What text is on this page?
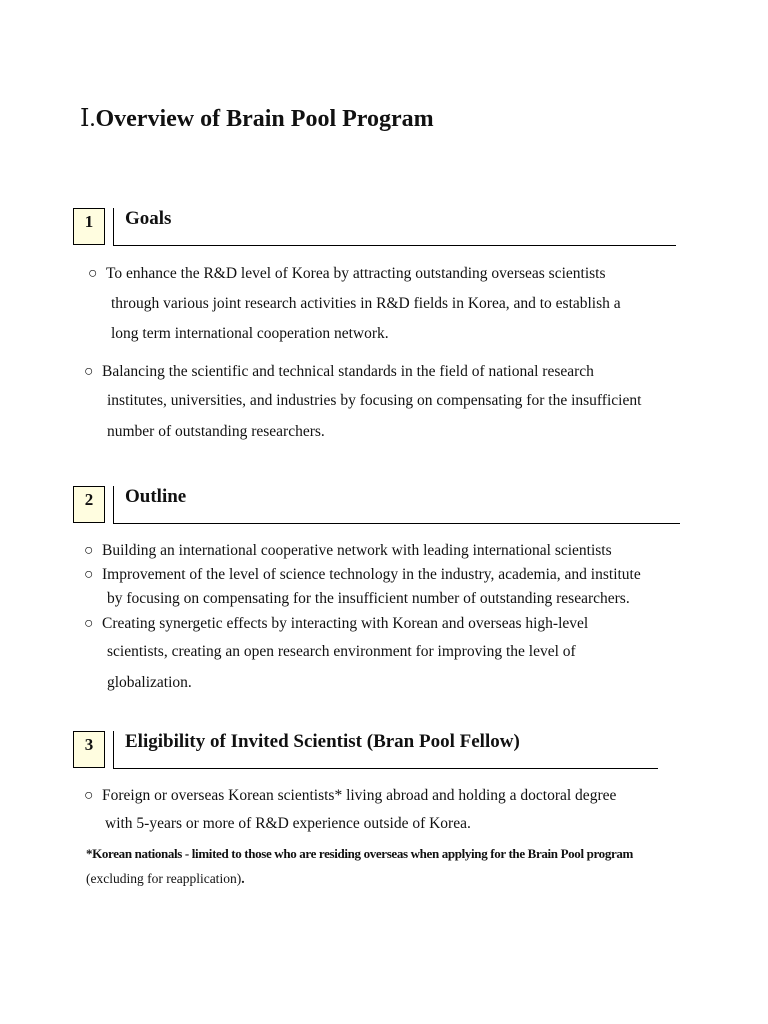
Ⅰ.Overview of Brain Pool Program
1	Goals
○ To enhance the R&D level of Korea by attracting outstanding overseas scientists
through various joint research activities in R&D fields in Korea, and to establish a
long term international cooperation network.
○ Balancing the scientific and technical standards in the field of national research
institutes, universities, and industries by focusing on compensating for the insufficient
number of outstanding researchers.
2	Outline
○ Building an international cooperative network with leading international scientists
○ Improvement of the level of science technology in the industry, academia, and institute
by focusing on compensating for the insufficient number of outstanding researchers.
○ Creating synergetic effects by interacting with Korean and overseas high-level
scientists, creating an open research environment for improving the level of
globalization.
3	Eligibility of Invited Scientist (Bran Pool Fellow)
○ Foreign or overseas Korean scientists* living abroad and holding a doctoral degree
with 5-years or more of R&D experience outside of Korea.
*Korean nationals - limited to those who are residing overseas when applying for the Brain Pool program
(excluding for reapplication).
